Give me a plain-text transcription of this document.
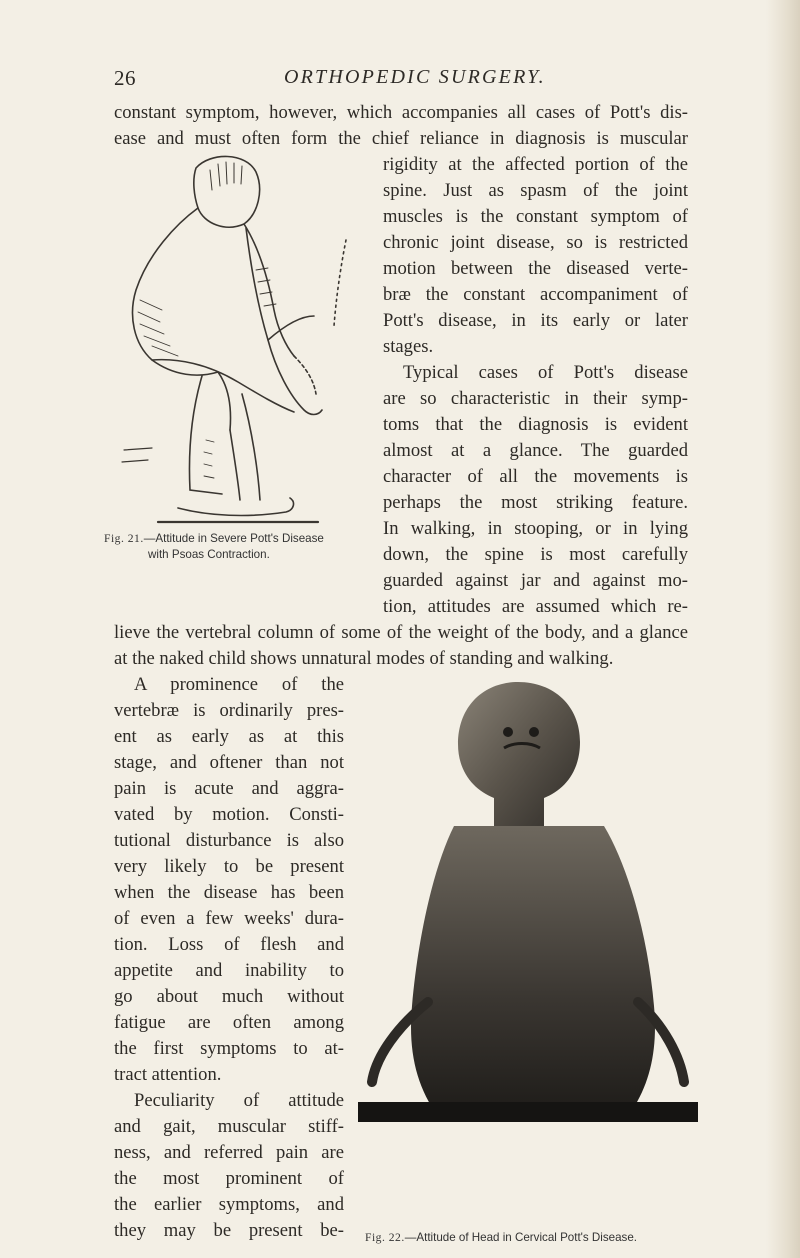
26	ORTHOPEDIC SURGERY.
constant symptom, however, which accompanies all cases of Pott's dis-
ease and must often form the chief reliance in diagnosis is muscular
rigidity at the affected portion of the
spine. Just as spasm of the joint
muscles is the constant symptom of
chronic joint disease, so is restricted
motion between the diseased verte-
bræ the constant accompaniment of
Pott's disease, in its early or later
stages.
Typical cases of Pott's disease
are so characteristic in their symp-
toms that the diagnosis is evident
almost at a glance. The guarded
character of all the movements is
perhaps the most striking feature.
In walking, in stooping, or in lying
down, the spine is most carefully
guarded against jar and against mo-
tion, attitudes are assumed which re-
lieve the vertebral column of some of the weight of the body, and a glance
at the naked child shows unnatural modes of standing and walking.
A prominence of the
vertebræ is ordinarily pres-
ent as early as at this
stage, and oftener than not
pain is acute and aggra-
vated by motion. Consti-
tutional disturbance is also
very likely to be present
when the disease has been
of even a few weeks' dura-
tion. Loss of flesh and
appetite and inability to
go about much without
fatigue are often among
the first symptoms to at-
tract attention.
Peculiarity of attitude
and gait, muscular stiff-
ness, and referred pain are
the most prominent of
the earlier symptoms, and
they may be present be-
Fig. 21.—Attitude in Severe Pott's Disease
with Psoas Contraction.
Fig. 22.—Attitude of Head in Cervical Pott's Disease.
